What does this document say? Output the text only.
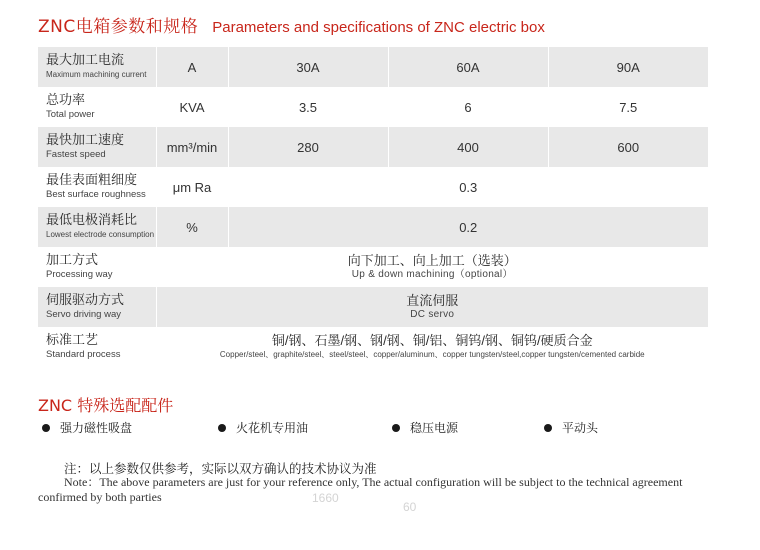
ZNC电箱参数和规格 Parameters and specifications of ZNC electric box
最大加工电流
Maximum machining current	A	30A	60A	90A

总功率
Total power	KVA	3.5	6	7.5

最快加工速度
Fastest speed	mm³/min	280	400	600

最佳表面粗细度
Best surface roughness	μm Ra	0.3		

最低电极消耗比
Lowest electrode consumption	%	0.2		

加工方式
Processing way	向下加工、向上加工（选装）
Up & down machining（optional）			

伺服驱动方式
Servo driving way	直流伺服
DC servo			

标准工艺
Standard process	铜/钢、石墨/钢、钢/钢、铜/铝、铜钨/钢、铜钨/硬质合金
Copper/steel、graphite/steel、steel/steel、copper/aluminum、copper tungsten/steel,copper tungsten/cemented carbide			
ZNC 特殊选配配件
强力磁性吸盘	火花机专用油	稳压电源	平动头
注：以上参数仅供参考，实际以双方确认的技术协议为准
Note：The above parameters are just for your reference only, The actual configuration will be subject to the technical agreement
confirmed by both parties	1660
60
